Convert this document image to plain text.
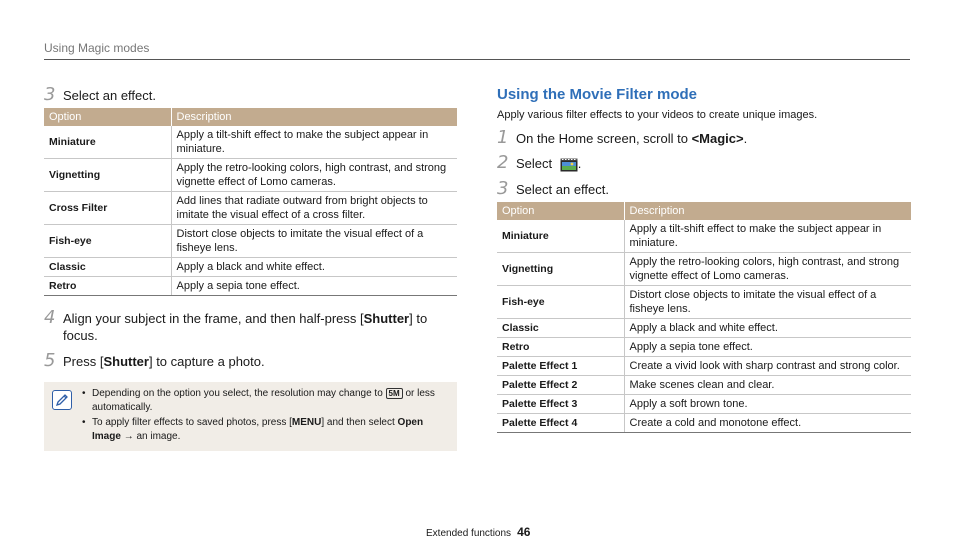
Using Magic modes
3 Select an effect.
Option	Description
Miniature	Apply a tilt-shift effect to make the subject appear in miniature.
Vignetting	Apply the retro-looking colors, high contrast, and strong vignette effect of Lomo cameras.
Cross Filter	Add lines that radiate outward from bright objects to imitate the visual effect of a cross filter.
Fish-eye	Distort close objects to imitate the visual effect of a fisheye lens.
Classic	Apply a black and white effect.
Retro	Apply a sepia tone effect.
4 Align your subject in the frame, and then half-press [Shutter] to focus.
5 Press [Shutter] to capture a photo.
• Depending on the option you select, the resolution may change to 5M or less automatically.
• To apply filter effects to saved photos, press [MENU] and then select Open Image → an image.
Using the Movie Filter mode
Apply various filter effects to your videos to create unique images.
1 On the Home screen, scroll to <Magic>.
2 Select .
3 Select an effect.
Option	Description
Miniature	Apply a tilt-shift effect to make the subject appear in miniature.
Vignetting	Apply the retro-looking colors, high contrast, and strong vignette effect of Lomo cameras.
Fish-eye	Distort close objects to imitate the visual effect of a fisheye lens.
Classic	Apply a black and white effect.
Retro	Apply a sepia tone effect.
Palette Effect 1	Create a vivid look with sharp contrast and strong color.
Palette Effect 2	Make scenes clean and clear.
Palette Effect 3	Apply a soft brown tone.
Palette Effect 4	Create a cold and monotone effect.
Extended functions 46
